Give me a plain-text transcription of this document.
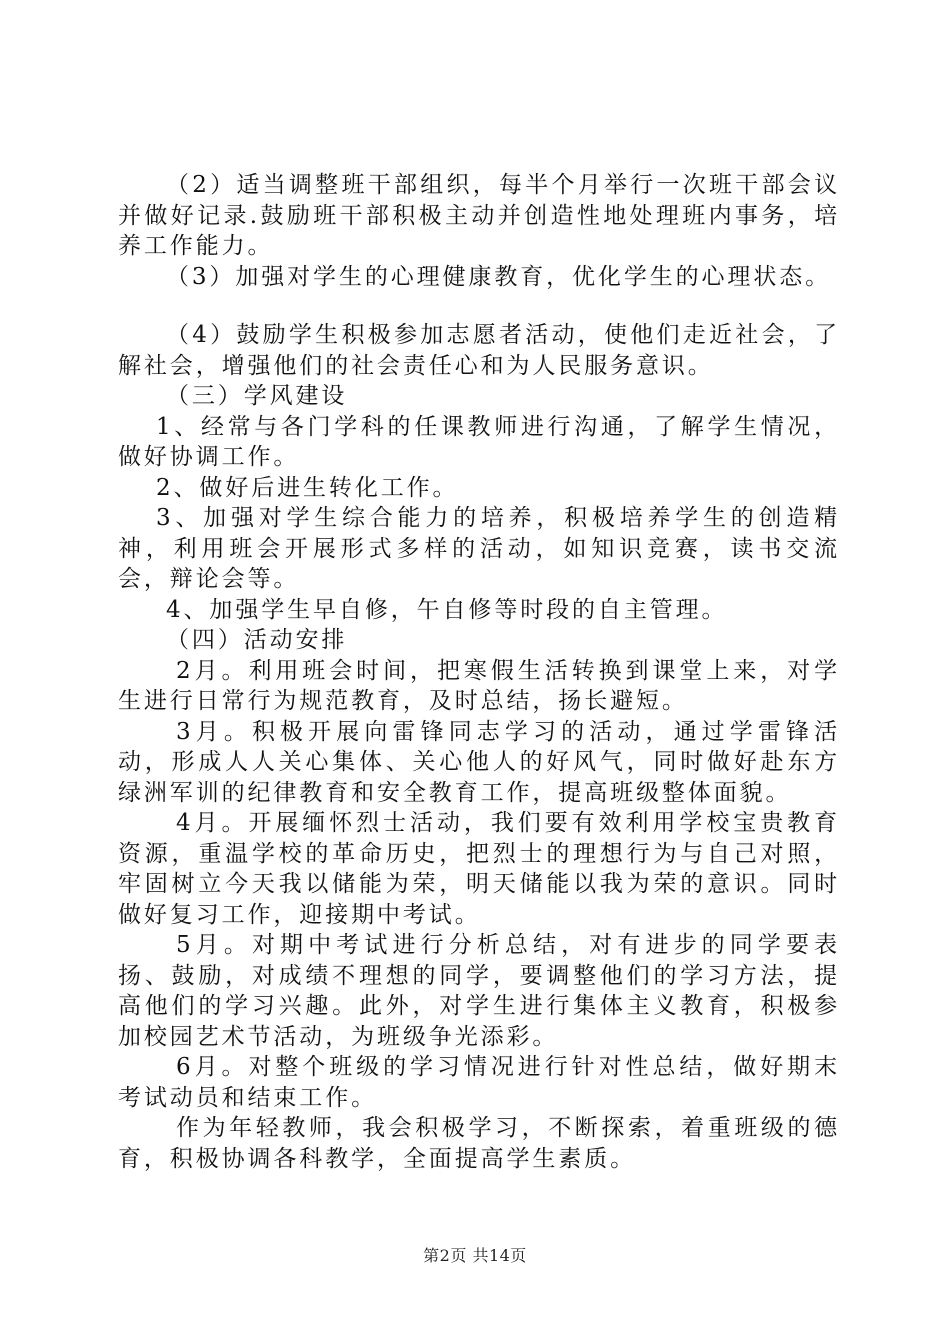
（2）适当调整班干部组织，每半个月举行一次班干部会议并做好记录.鼓励班干部积极主动并创造性地处理班内事务，培养工作能力。

（3）加强对学生的心理健康教育，优化学生的心理状态。

（4）鼓励学生积极参加志愿者活动，使他们走近社会，了解社会，增强他们的社会责任心和为人民服务意识。

（三）学风建设

1、经常与各门学科的任课教师进行沟通，了解学生情况，做好协调工作。

2、做好后进生转化工作。

3、加强对学生综合能力的培养，积极培养学生的创造精神，利用班会开展形式多样的活动，如知识竞赛，读书交流会，辩论会等。

4、加强学生早自修，午自修等时段的自主管理。

（四）活动安排

2月。利用班会时间，把寒假生活转换到课堂上来，对学生进行日常行为规范教育，及时总结，扬长避短。

3月。积极开展向雷锋同志学习的活动，通过学雷锋活动，形成人人关心集体、关心他人的好风气，同时做好赴东方绿洲军训的纪律教育和安全教育工作，提高班级整体面貌。

4月。开展缅怀烈士活动，我们要有效利用学校宝贵教育资源，重温学校的革命历史，把烈士的理想行为与自己对照，牢固树立今天我以储能为荣，明天储能以我为荣的意识。同时做好复习工作，迎接期中考试。

5月。对期中考试进行分析总结，对有进步的同学要表扬、鼓励，对成绩不理想的同学，要调整他们的学习方法，提高他们的学习兴趣。此外，对学生进行集体主义教育，积极参加校园艺术节活动，为班级争光添彩。

6月。对整个班级的学习情况进行针对性总结，做好期末考试动员和结束工作。

作为年轻教师，我会积极学习，不断探索，着重班级的德育，积极协调各科教学，全面提高学生素质。

第2页 共14页
